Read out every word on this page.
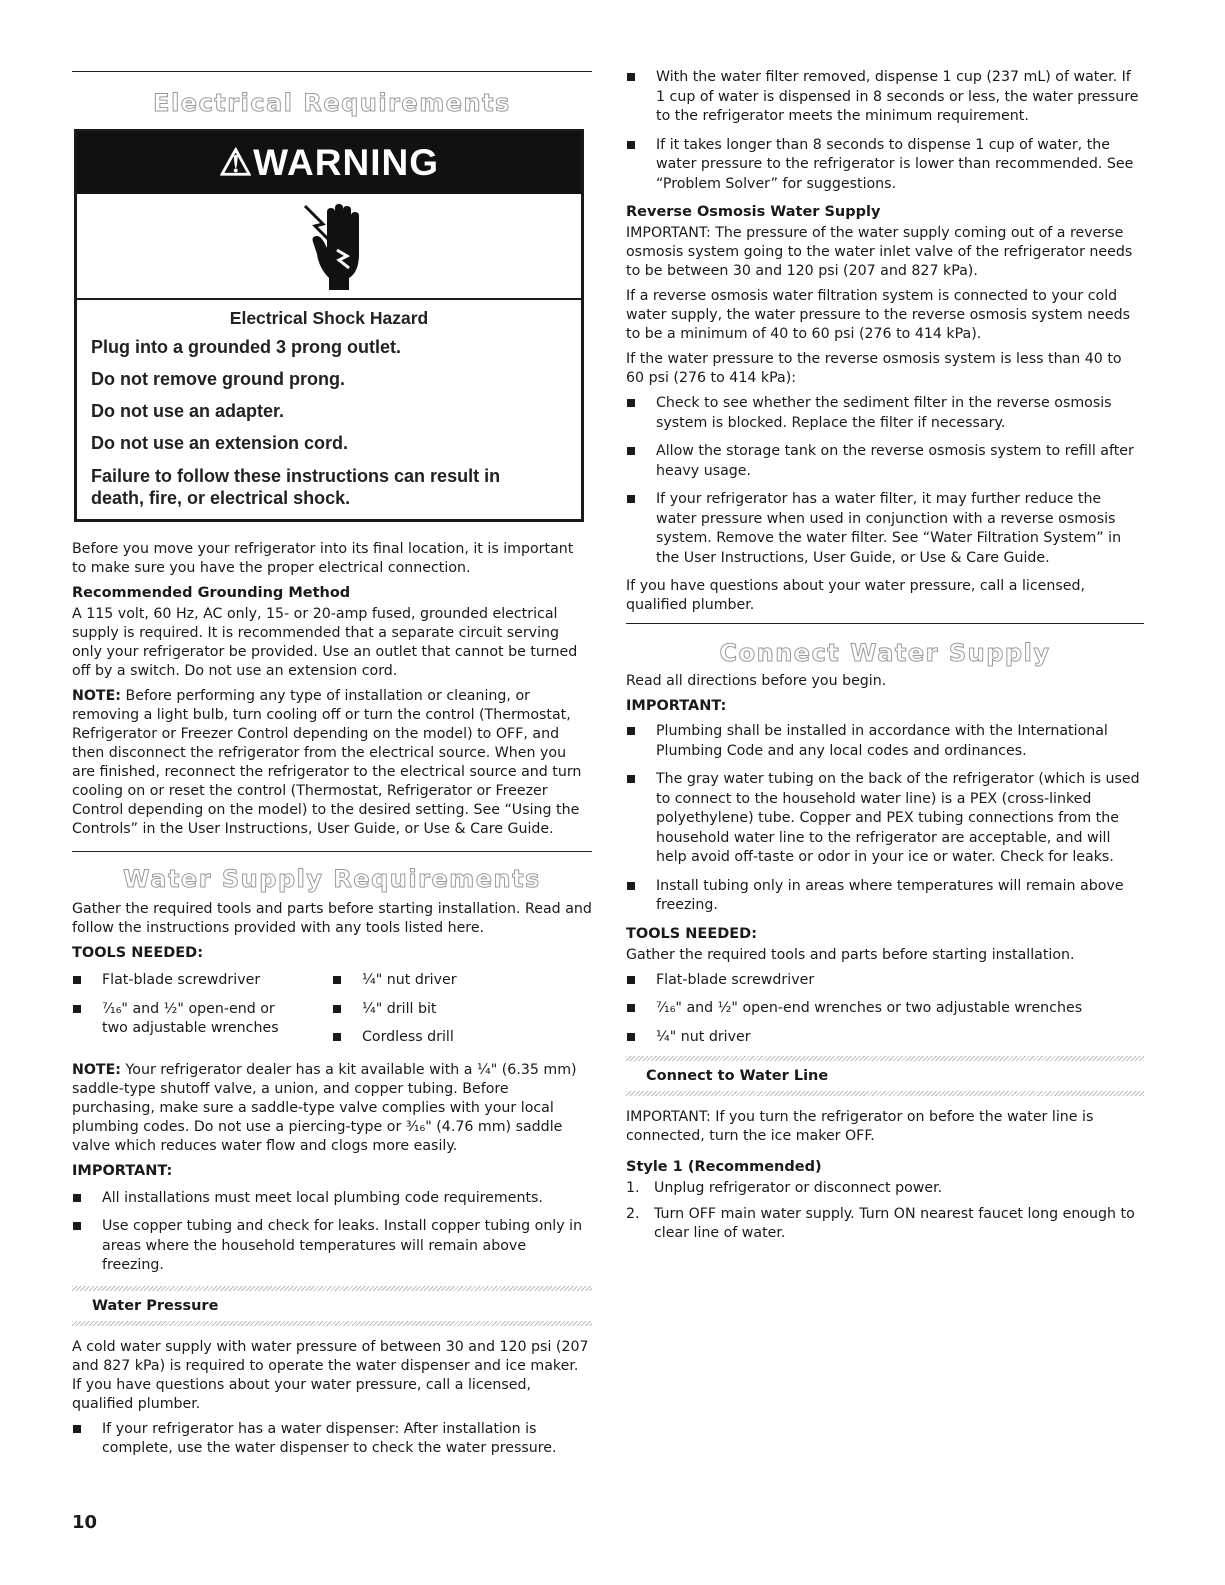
Electrical Requirements
⚠WARNING
Electrical Shock Hazard
Plug into a grounded 3 prong outlet.
Do not remove ground prong.
Do not use an adapter.
Do not use an extension cord.
Failure to follow these instructions can result in death, fire, or electrical shock.

Before you move your refrigerator into its final location, it is important to make sure you have the proper electrical connection.

Recommended Grounding Method

A 115 volt, 60 Hz, AC only, 15- or 20-amp fused, grounded electrical supply is required. It is recommended that a separate circuit serving only your refrigerator be provided. Use an outlet that cannot be turned off by a switch. Do not use an extension cord.

NOTE: Before performing any type of installation or cleaning, or removing a light bulb, turn cooling off or turn the control (Thermostat, Refrigerator or Freezer Control depending on the model) to OFF, and then disconnect the refrigerator from the electrical source. When you are finished, reconnect the refrigerator to the electrical source and turn cooling on or reset the control (Thermostat, Refrigerator or Freezer Control depending on the model) to the desired setting. See “Using the Controls” in the User Instructions, User Guide, or Use & Care Guide.

Water Supply Requirements

Gather the required tools and parts before starting installation. Read and follow the instructions provided with any tools listed here.

TOOLS NEEDED:
Flat-blade screwdriver
⁷⁄₁₆" and ½" open-end or two adjustable wrenches
¼" nut driver
¼" drill bit
Cordless drill

NOTE: Your refrigerator dealer has a kit available with a ¼" (6.35 mm) saddle-type shutoff valve, a union, and copper tubing. Before purchasing, make sure a saddle-type valve complies with your local plumbing codes. Do not use a piercing-type or ³⁄₁₆" (4.76 mm) saddle valve which reduces water flow and clogs more easily.

IMPORTANT:
All installations must meet local plumbing code requirements.
Use copper tubing and check for leaks. Install copper tubing only in areas where the household temperatures will remain above freezing.
Water Pressure

A cold water supply with water pressure of between 30 and 120 psi (207 and 827 kPa) is required to operate the water dispenser and ice maker. If you have questions about your water pressure, call a licensed, qualified plumber.

If your refrigerator has a water dispenser: After installation is complete, use the water dispenser to check the water pressure.
10
With the water filter removed, dispense 1 cup (237 mL) of water. If 1 cup of water is dispensed in 8 seconds or less, the water pressure to the refrigerator meets the minimum requirement.
If it takes longer than 8 seconds to dispense 1 cup of water, the water pressure to the refrigerator is lower than recommended. See “Problem Solver” for suggestions.
Reverse Osmosis Water Supply

IMPORTANT: The pressure of the water supply coming out of a reverse osmosis system going to the water inlet valve of the refrigerator needs to be between 30 and 120 psi (207 and 827 kPa).

If a reverse osmosis water filtration system is connected to your cold water supply, the water pressure to the reverse osmosis system needs to be a minimum of 40 to 60 psi (276 to 414 kPa).

If the water pressure to the reverse osmosis system is less than 40 to 60 psi (276 to 414 kPa):

Check to see whether the sediment filter in the reverse osmosis system is blocked. Replace the filter if necessary.
Allow the storage tank on the reverse osmosis system to refill after heavy usage.
If your refrigerator has a water filter, it may further reduce the water pressure when used in conjunction with a reverse osmosis system. Remove the water filter. See “Water Filtration System” in the User Instructions, User Guide, or Use & Care Guide.

If you have questions about your water pressure, call a licensed, qualified plumber.

Connect Water Supply

Read all directions before you begin.

IMPORTANT:
Plumbing shall be installed in accordance with the International Plumbing Code and any local codes and ordinances.
The gray water tubing on the back of the refrigerator (which is used to connect to the household water line) is a PEX (cross-linked polyethylene) tube. Copper and PEX tubing connections from the household water line to the refrigerator are acceptable, and will help avoid off-taste or odor in your ice or water. Check for leaks.
Install tubing only in areas where temperatures will remain above freezing.
TOOLS NEEDED:

Gather the required tools and parts before starting installation.

Flat-blade screwdriver
⁷⁄₁₆" and ½" open-end wrenches or two adjustable wrenches
¼" nut driver
Connect to Water Line

IMPORTANT: If you turn the refrigerator on before the water line is connected, turn the ice maker OFF.

Style 1 (Recommended)
1. Unplug refrigerator or disconnect power.
2. Turn OFF main water supply. Turn ON nearest faucet long enough to clear line of water.
